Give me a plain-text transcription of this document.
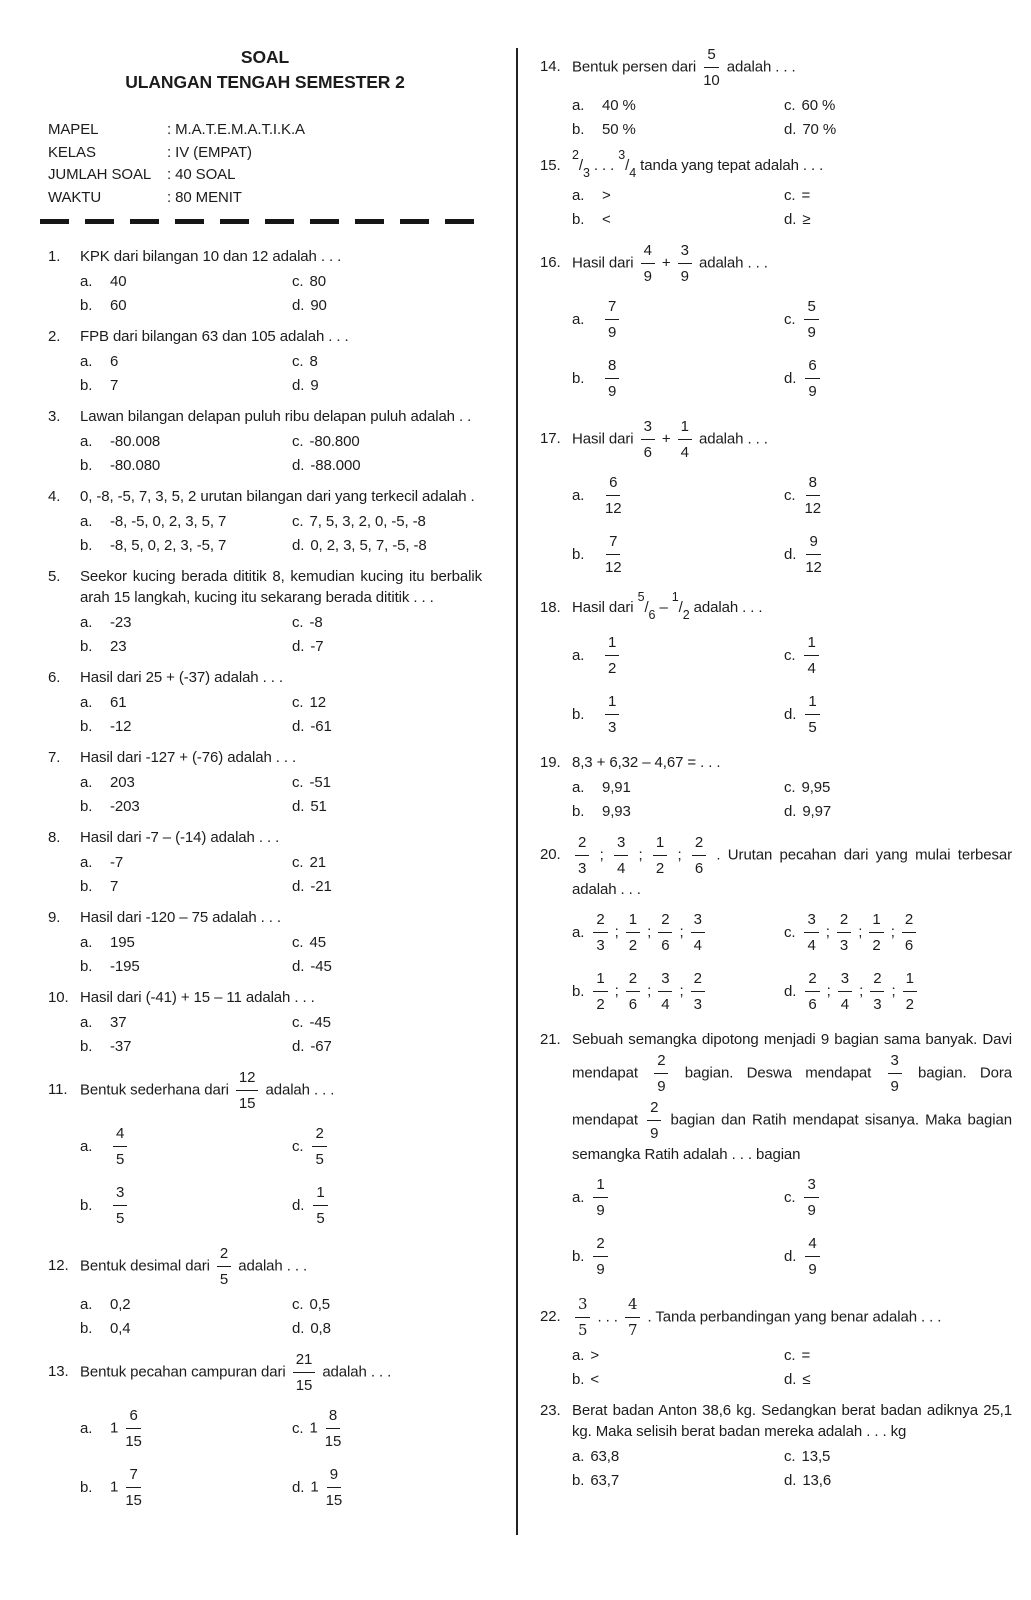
SOAL
ULANGAN TENGAH SEMESTER 2
MAPEL	: M.A.T.E.M.A.T.I.K.A
KELAS	: IV (EMPAT)
JUMLAH SOAL	: 40 SOAL
WAKTU	: 80 MENIT
1.	KPK dari bilangan 10 dan 12 adalah . . .

a.	40	c. 80
b.	60	d. 90
2.	FPB dari bilangan 63 dan 105 adalah . . .

a.	6	c. 8
b.	7	d. 9
3.	Lawan bilangan delapan puluh ribu delapan puluh adalah . .

a.	-80.008	c. -80.800
b.	-80.080	d. -88.000
4.	0, -8, -5, 7, 3, 5, 2 urutan bilangan dari yang terkecil adalah .

a.	-8, -5, 0, 2, 3, 5, 7	c. 7, 5, 3, 2, 0, -5, -8
b.	-8, 5, 0, 2, 3, -5, 7	d. 0, 2, 3, 5, 7, -5, -8
5.	Seekor kucing berada dititik 8, kemudian kucing itu berbalik arah 15 langkah, kucing itu sekarang berada dititik . . .

a.	-23	c. -8
b.	23	d. -7
6.	Hasil dari 25 + (-37) adalah . . .

a.	61	c. 12
b.	-12	d. -61
7.	Hasil dari -127 + (-76) adalah . . .

a.	203	c. -51
b.	-203	d. 51
8.	Hasil dari -7 – (-14) adalah . . .

a.	-7	c. 21
b.	7	d. -21
9.	Hasil dari -120 – 75 adalah . . .

a.	195	c. 45
b.	-195	d. -45
10. Hasil dari (-41) + 15 – 11 adalah . . .

a.	37	c. -45
b.	-37	d. -67
11. Bentuk sederhana dari $\frac{12}{15}$ adalah . . .

a.	$\frac{4}{5}$	c. $\frac{2}{5}$
b.	$\frac{3}{5}$	d. $\frac{1}{5}$
12. Bentuk desimal dari $\frac{2}{5}$ adalah . . .

a.	0,2	c. 0,5
b.	0,4	d. 0,8
13. Bentuk pecahan campuran dari $\frac{21}{15}$ adalah . . .

a.	$1 \frac{6}{15}$	c. $1 \frac{8}{15}$
b.	$1 \frac{7}{15}$	d. $1 \frac{9}{15}$
14. Bentuk persen dari $\frac{5}{10}$ adalah . . .

a.	40 %	c. 60 %
b.	50 %	d. 70 %
15.

$^2/_3$ . . . $^3/_4$ tanda yang tepat adalah . . .

a.	>	c. =
b.	<	d. ≥
16. Hasil dari $\frac{4}{9} + \frac{3}{9}$ adalah . . .

a.	$\frac{7}{9}$	c. $\frac{5}{9}$
b.	$\frac{8}{9}$	d. $\frac{6}{9}$
17. Hasil dari $\frac{3}{6} + \frac{1}{4}$ adalah . . .

a.	$\frac{6}{12}$	c. $\frac{8}{12}$
b.	$\frac{7}{12}$	d. $\frac{9}{12}$
18. Hasil dari $^5/_6 - ^1/_2$ adalah . . .

a.	$\frac{1}{2}$	c. $\frac{1}{4}$
b.	$\frac{1}{3}$	d. $\frac{1}{5}$
19. 8,3 + 6,32 – 4,67 = . . .

a.	9,91	c. 9,95
b.	9,93	d. 9,97
20. $\frac{2}{3}$ ; $\frac{3}{4}$ ; $\frac{1}{2}$ ; $\frac{2}{6}$ . Urutan pecahan dari yang mulai terbesar adalah . . .

a. $\frac{2}{3}$ ; $\frac{1}{2}$ ; $\frac{2}{6}$ ; $\frac{3}{4}$	c. $\frac{3}{4}$ ; $\frac{2}{3}$ ; $\frac{1}{2}$ ; $\frac{2}{6}$
b. $\frac{1}{2}$ ; $\frac{2}{6}$ ; $\frac{3}{4}$ ; $\frac{2}{3}$	d. $\frac{2}{6}$ ; $\frac{3}{4}$ ; $\frac{2}{3}$ ; $\frac{1}{2}$
21. Sebuah semangka dipotong menjadi 9 bagian sama banyak. Davi mendapat $\frac{2}{9}$ bagian. Deswa mendapat $\frac{3}{9}$ bagian. Dora mendapat $\frac{2}{9}$ bagian dan Ratih mendapat sisanya. Maka bagian semangka Ratih adalah . . . bagian

a. $\frac{1}{9}$	c. $\frac{3}{9}$
b. $\frac{2}{9}$	d. $\frac{4}{9}$
22. $\frac{3}{5}$ . . . $\frac{4}{7}$ . Tanda perbandingan yang benar adalah . . .

a. >	c. =
b. <	d. ≤
23. Berat badan Anton 38,6 kg. Sedangkan berat badan adiknya 25,1 kg. Maka selisih berat badan mereka adalah . . . kg

a. 63,8	c. 13,5
b. 63,7	d. 13,6
